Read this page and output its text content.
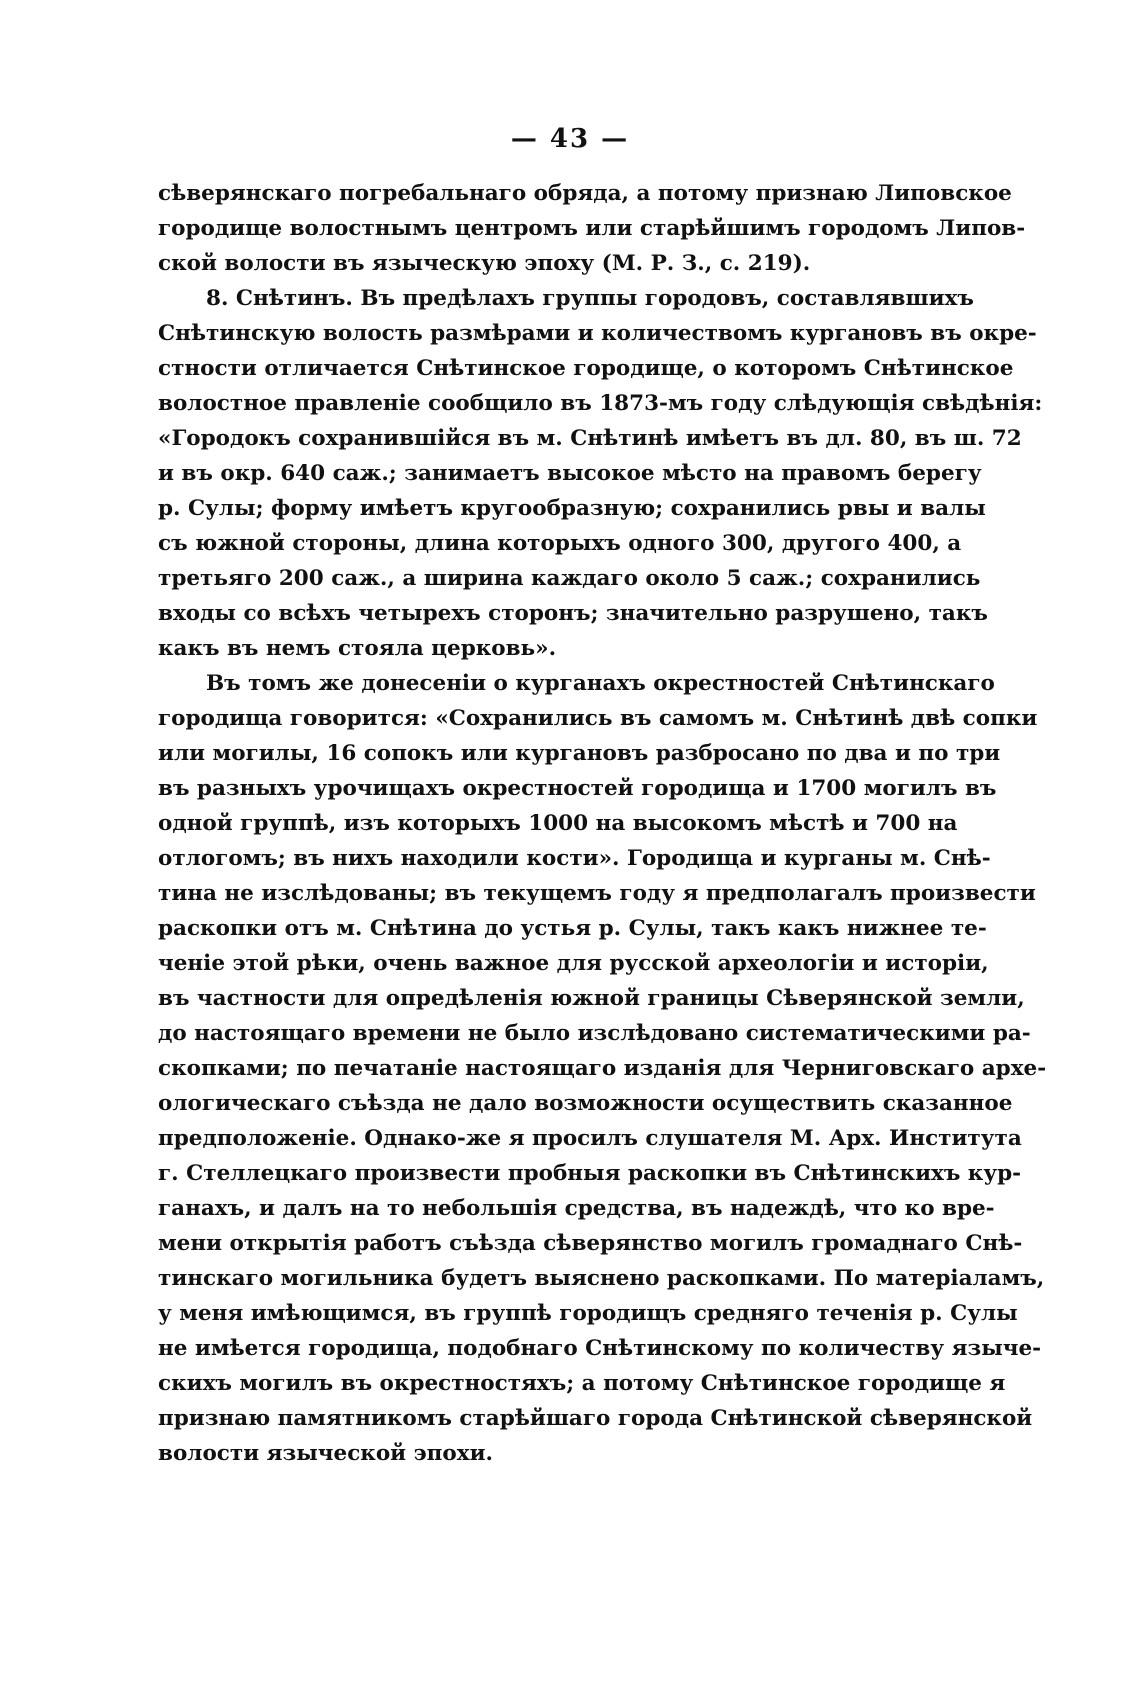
— 43 —
сѣверянскаго погребальнаго обряда, а потому признаю Липовское
городище волостнымъ центромъ или старѣйшимъ городомъ Липов-
ской волости въ языческую эпоху (М. Р. З., с. 219).
8. Снѣтинъ. Въ предѣлахъ группы городовъ, составлявшихъ
Снѣтинскую волость размѣрами и количествомъ кургановъ въ окре-
стности отличается Снѣтинское городище, о которомъ Снѣтинское
волостное правленіе сообщило въ 1873-мъ году слѣдующія свѣдѣнія:
«Городокъ сохранившійся въ м. Снѣтинѣ имѣетъ въ дл. 80, въ ш. 72
и въ окр. 640 саж.; занимаетъ высокое мѣсто на правомъ берегу
р. Сулы; форму имѣетъ кругообразную; сохранились рвы и валы
съ южной стороны, длина которыхъ одного 300, другого 400, а
третьяго 200 саж., а ширина каждаго около 5 саж.; сохранились
входы со всѣхъ четырехъ сторонъ; значительно разрушено, такъ
какъ въ немъ стояла церковь».
Въ томъ же донесеніи о курганахъ окрестностей Снѣтинскаго
городища говорится: «Сохранились въ самомъ м. Снѣтинѣ двѣ сопки
или могилы, 16 сопокъ или кургановъ разбросано по два и по три
въ разныхъ урочищахъ окрестностей городища и 1700 могилъ въ
одной группѣ, изъ которыхъ 1000 на высокомъ мѣстѣ и 700 на
отлогомъ; въ нихъ находили кости». Городища и курганы м. Снѣ-
тина не изслѣдованы; въ текущемъ году я предполагалъ произвести
раскопки отъ м. Снѣтина до устья р. Сулы, такъ какъ нижнее те-
ченіе этой рѣки, очень важное для русской археологіи и исторіи,
въ частности для опредѣленія южной границы Сѣверянской земли,
до настоящаго времени не было изслѣдовано систематическими ра-
скопками; по печатаніе настоящаго изданія для Черниговскаго архе-
ологическаго съѣзда не дало возможности осуществить сказанное
предположеніе. Однако-же я просилъ слушателя М. Арх. Института
г. Стеллецкаго произвести пробныя раскопки въ Снѣтинскихъ кур-
ганахъ, и далъ на то небольшія средства, въ надеждѣ, что ко вре-
мени открытія работъ съѣзда сѣверянство могилъ громаднаго Снѣ-
тинскаго могильника будетъ выяснено раскопками. По матеріаламъ,
у меня имѣющимся, въ группѣ городищъ средняго теченія р. Сулы
не имѣется городища, подобнаго Снѣтинскому по количеству языче-
скихъ могилъ въ окрестностяхъ; а потому Снѣтинское городище я
признаю памятникомъ старѣйшаго города Снѣтинской сѣверянской
волости языческой эпохи.
